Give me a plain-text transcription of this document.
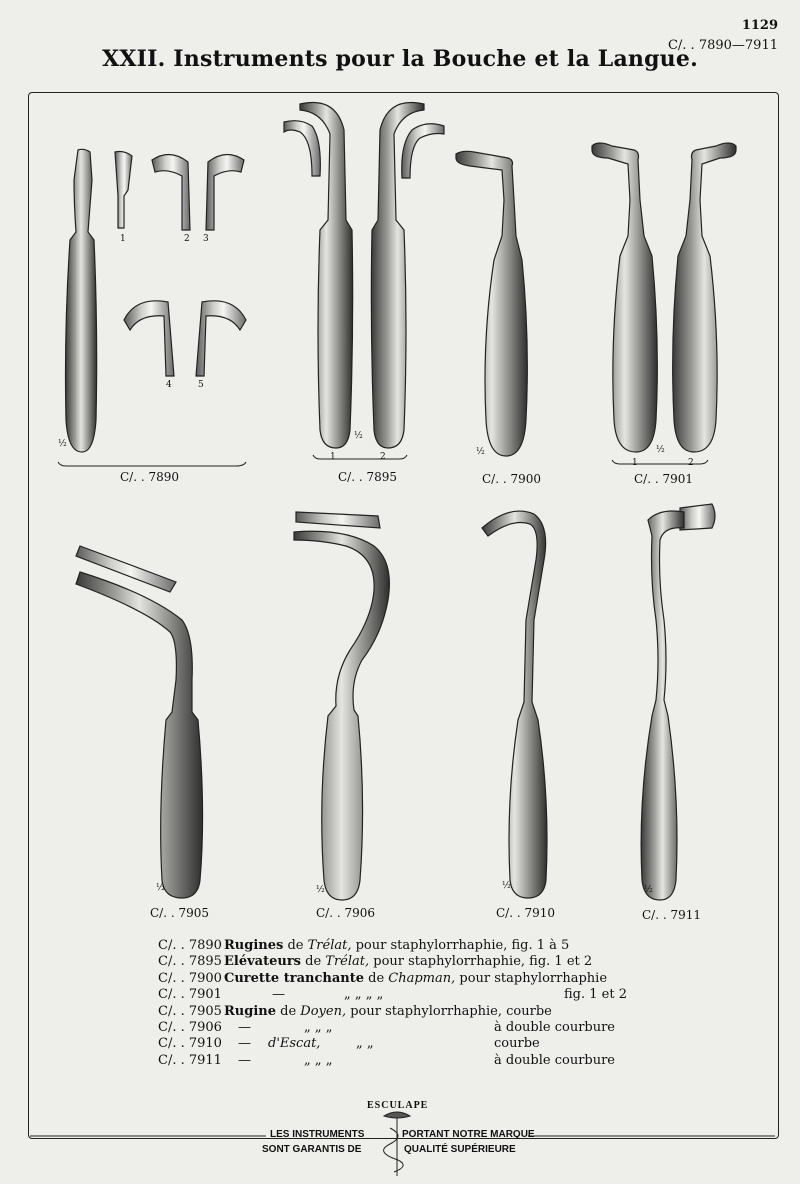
1129
C/. . 7890—7911
XXII. Instruments pour la Bouche et la Langue.
1	2 3
4	5
½
C/. . 7890
1
½
2
C/. . 7895
½
C/. . 7900
1
½
2
C/. . 7901
½
C/. . 7905
½
C/. . 7906
½
C/. . 7910
½
C/. . 7911
C/. . 7890 Rugines de Trélat, pour staphylorrhaphie, fig. 1 à 5
C/. . 7895 Elévateurs de Trélat, pour staphylorrhaphie, fig. 1 et 2
C/. . 7900 Curette tranchante de Chapman, pour staphylorrhaphie
C/. . 7901	—	„ „ „ „	fig. 1 et 2
C/. . 7905 Rugine de Doyen, pour staphylorrhaphie, courbe
C/. . 7906 —	„ „ „	à double courbure
C/. . 7910 — d'Escat,	„ „	courbe
C/. . 7911 —	„ „ „	à double courbure
ESCULAPE
LES INSTRUMENTS	PORTANT NOTRE MARQUE
SONT GARANTIS DE	QUALITÉ SUPÉRIEURE
